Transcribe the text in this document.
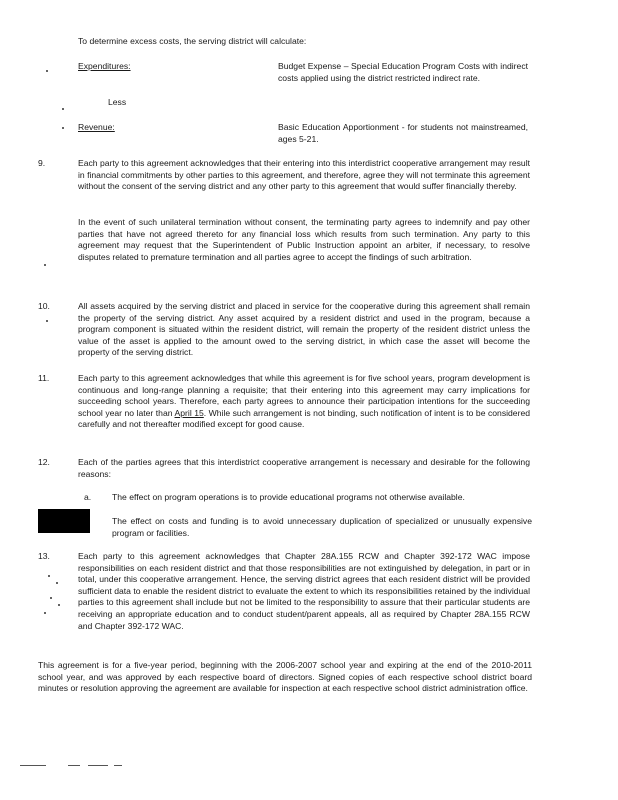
To determine excess costs, the serving district will calculate:
Expenditures:	Budget Expense – Special Education Program Costs with indirect costs applied using the district restricted indirect rate.
Less
Revenue:	Basic Education Apportionment - for students not mainstreamed, ages 5-21.
9.	Each party to this agreement acknowledges that their entering into this interdistrict cooperative arrangement may result in financial commitments by other parties to this agreement, and therefore, agree they will not terminate this agreement without the consent of the serving district and any other party to this agreement that would suffer financially thereby.
In the event of such unilateral termination without consent, the terminating party agrees to indemnify and pay other parties that have not agreed thereto for any financial loss which results from such termination. Any party to this agreement may request that the Superintendent of Public Instruction appoint an arbiter, if necessary, to resolve disputes related to premature termination and all parties agree to accept the findings of such arbitration.
10.	All assets acquired by the serving district and placed in service for the cooperative during this agreement shall remain the property of the serving district. Any asset acquired by a resident district and used in the program, because a program component is situated within the resident district, will remain the property of the resident district unless the value of the asset is applied to the amount owed to the serving district, in which case the asset will become the property of the serving district.
11.	Each party to this agreement acknowledges that while this agreement is for five school years, program development is continuous and long-range planning a requisite; that their entering into this agreement may carry implications for succeeding school years. Therefore, each party agrees to announce their participation intentions for the succeeding school year no later than April 15. While such arrangement is not binding, such notification of intent is to be considered carefully and not thereafter modified except for good cause.
12.	Each of the parties agrees that this interdistrict cooperative arrangement is necessary and desirable for the following reasons:
a. The effect on program operations is to provide educational programs not otherwise available.
The effect on costs and funding is to avoid unnecessary duplication of specialized or unusually expensive program or facilities.
13.	Each party to this agreement acknowledges that Chapter 28A.155 RCW and Chapter 392-172 WAC impose responsibilities on each resident district and that those responsibilities are not extinguished by delegation, in part or in total, under this cooperative arrangement. Hence, the serving district agrees that each resident district will be provided sufficient data to enable the resident district to evaluate the extent to which its responsibilities retained by the individual parties to this agreement shall include but not be limited to the responsibility to assure that their particular students are receiving an appropriate education and to conduct student/parent appeals, all as required by Chapter 28A.155 RCW and Chapter 392-172 WAC.
This agreement is for a five-year period, beginning with the 2006-2007 school year and expiring at the end of the 2010-2011 school year, and was approved by each respective board of directors. Signed copies of each respective school district board minutes or resolution approving the agreement are available for inspection at each respective school district administration office.
